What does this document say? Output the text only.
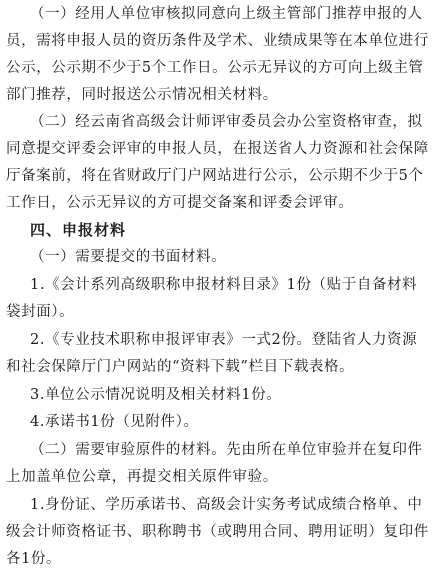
（一）经用人单位审核拟同意向上级主管部门推荐申报的人
员，需将申报人员的资历条件及学术、业绩成果等在本单位进行
公示，公示期不少于5个工作日。公示无异议的方可向上级主管
部门推荐，同时报送公示情况相关材料。

（二）经云南省高级会计师评审委员会办公室资格审查，拟
同意提交评委会评审的申报人员，在报送省人力资源和社会保障
厅备案前，将在省财政厅门户网站进行公示，公示期不少于5个
工作日，公示无异议的方可提交备案和评委会评审。

四、申报材料

（一）需要提交的书面材料。

1.《会计系列高级职称申报材料目录》1份（贴于自备材料
袋封面）。

2.《专业技术职称申报评审表》一式2份。登陆省人力资源
和社会保障厅门户网站的“资料下载”栏目下载表格。

3.单位公示情况说明及相关材料1份。

4.承诺书1份（见附件）。

（二）需要审验原件的材料。先由所在单位审验并在复印件
上加盖单位公章，再提交相关原件审验。

1.身份证、学历承诺书、高级会计实务考试成绩合格单、中
级会计师资格证书、职称聘书（或聘用合同、聘用证明）复印件
各1份。
